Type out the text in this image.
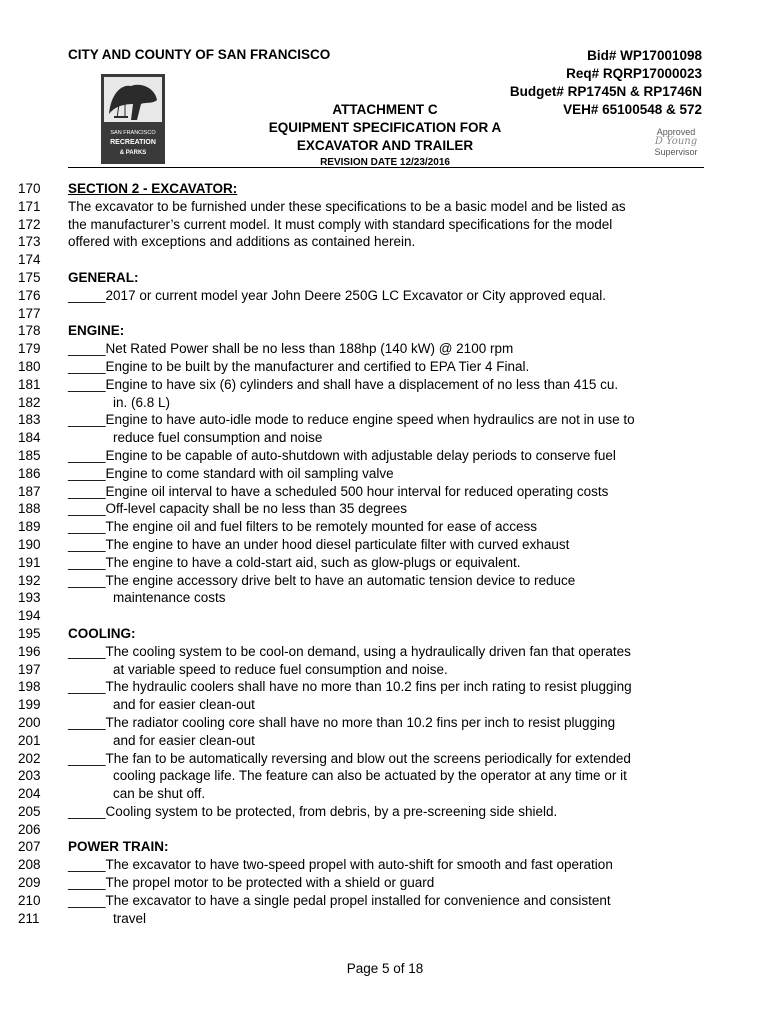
CITY AND COUNTY OF SAN FRANCISCO	Bid# WP17001098
Req# RQRP17000023
Budget# RP1745N & RP1746N
VEH# 65100548 & 572
SAN FRANCISCO
RECREATION
& PARKS
ATTACHMENT C
EQUIPMENT SPECIFICATION FOR A
EXCAVATOR AND TRAILER
REVISION DATE 12/23/2016
Approved
D Young
Supervisor
170
171
172
173
174
175
176
177
178
179
180
181
182
183
184
185
186
187
188
189
190
191
192
193
194
195
196
197
198
199
200
201
202
203
204
205
206
207
208
209
210
211
SECTION 2 - EXCAVATOR:
The excavator to be furnished under these specifications to be a basic model and be listed as
the manufacturer’s current model. It must comply with standard specifications for the model
offered with exceptions and additions as contained herein.
GENERAL:
_____2017 or current model year John Deere 250G LC Excavator or City approved equal.
ENGINE:
_____Net Rated Power shall be no less than 188hp (140 kW) @ 2100 rpm
_____Engine to be built by the manufacturer and certified to EPA Tier 4 Final.
_____Engine to have six (6) cylinders and shall have a displacement of no less than 415 cu.
in. (6.8 L)
_____Engine to have auto-idle mode to reduce engine speed when hydraulics are not in use to
reduce fuel consumption and noise
_____Engine to be capable of auto-shutdown with adjustable delay periods to conserve fuel
_____Engine to come standard with oil sampling valve
_____Engine oil interval to have a scheduled 500 hour interval for reduced operating costs
_____Off-level capacity shall be no less than 35 degrees
_____The engine oil and fuel filters to be remotely mounted for ease of access
_____The engine to have an under hood diesel particulate filter with curved exhaust
_____The engine to have a cold-start aid, such as glow-plugs or equivalent.
_____The engine accessory drive belt to have an automatic tension device to reduce
maintenance costs
COOLING:
_____The cooling system to be cool-on demand, using a hydraulically driven fan that operates
at variable speed to reduce fuel consumption and noise.
_____The hydraulic coolers shall have no more than 10.2 fins per inch rating to resist plugging
and for easier clean-out
_____The radiator cooling core shall have no more than 10.2 fins per inch to resist plugging
and for easier clean-out
_____The fan to be automatically reversing and blow out the screens periodically for extended
cooling package life. The feature can also be actuated by the operator at any time or it
can be shut off.
_____Cooling system to be protected, from debris, by a pre-screening side shield.
POWER TRAIN:
_____The excavator to have two-speed propel with auto-shift for smooth and fast operation
_____The propel motor to be protected with a shield or guard
_____The excavator to have a single pedal propel installed for convenience and consistent
travel
Page 5 of 18
